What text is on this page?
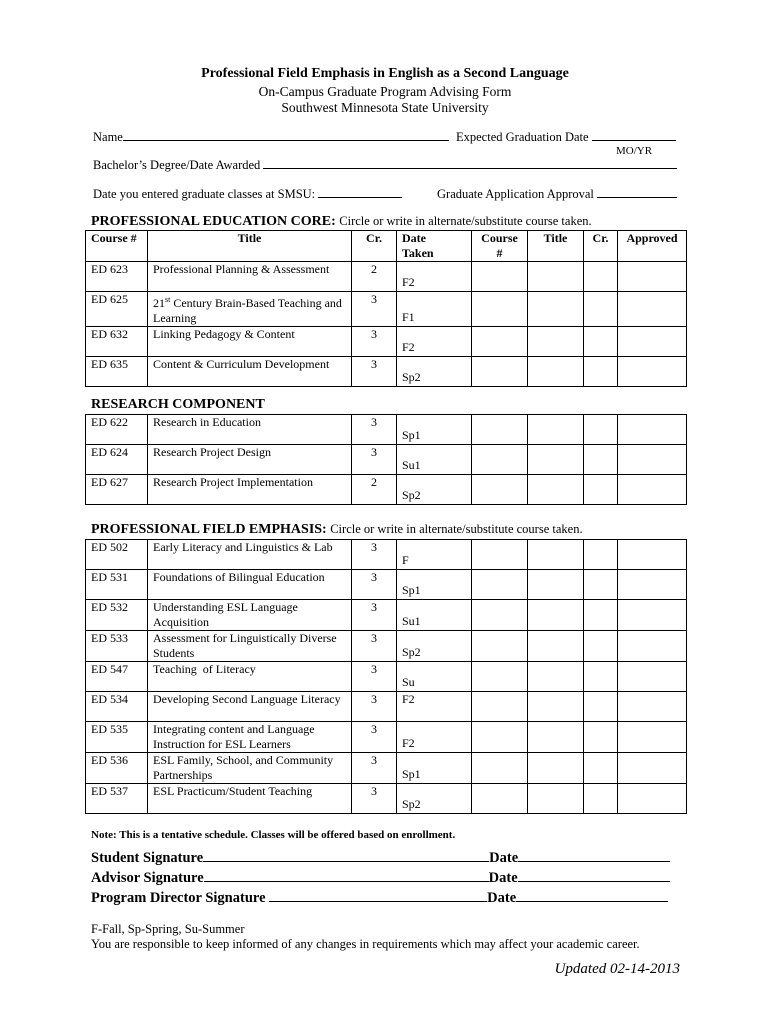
Professional Field Emphasis in English as a Second Language
On-Campus Graduate Program Advising Form
Southwest Minnesota State University
Name	Expected Graduation Date
MO/YR
Bachelor’s Degree/Date Awarded
Date you entered graduate classes at SMSU:	Graduate Application Approval
PROFESSIONAL EDUCATION CORE: Circle or write in alternate/substitute course taken.
Course #	Title	Cr.	Date Taken	Course #	Title	Cr.	Approved
ED 623	Professional Planning & Assessment	2	F2				

ED 625	21st Century Brain-Based Teaching and Learning	3	F1				

ED 632	Linking Pedagogy & Content	3	F2				

ED 635	Content & Curriculum Development	3	Sp2				

RESEARCH COMPONENT
ED 622	Research in Education	3	Sp1				

ED 624	Research Project Design	3	Su1				

ED 627	Research Project Implementation	2	Sp2				

PROFESSIONAL FIELD EMPHASIS: Circle or write in alternate/substitute course taken.
ED 502	Early Literacy and Linguistics & Lab	3	F				

ED 531	Foundations of Bilingual Education	3	Sp1				

ED 532	Understanding ESL Language Acquisition	3	Su1				

ED 533	Assessment for Linguistically Diverse Students	3	Sp2				

ED 547	Teaching  of Literacy	3	Su				

ED 534	Developing Second Language Literacy	3	F2				

ED 535	Integrating content and Language Instruction for ESL Learners	3	F2				

ED 536	ESL Family, School, and Community Partnerships	3	Sp1				

ED 537	ESL Practicum/Student Teaching	3	Sp2				

Note: This is a tentative schedule. Classes will be offered based on enrollment.
Student Signature	Date
Advisor Signature	Date
Program Director Signature	Date
F-Fall, Sp-Spring, Su-Summer
You are responsible to keep informed of any changes in requirements which may affect your academic career.
Updated 02-14-2013
